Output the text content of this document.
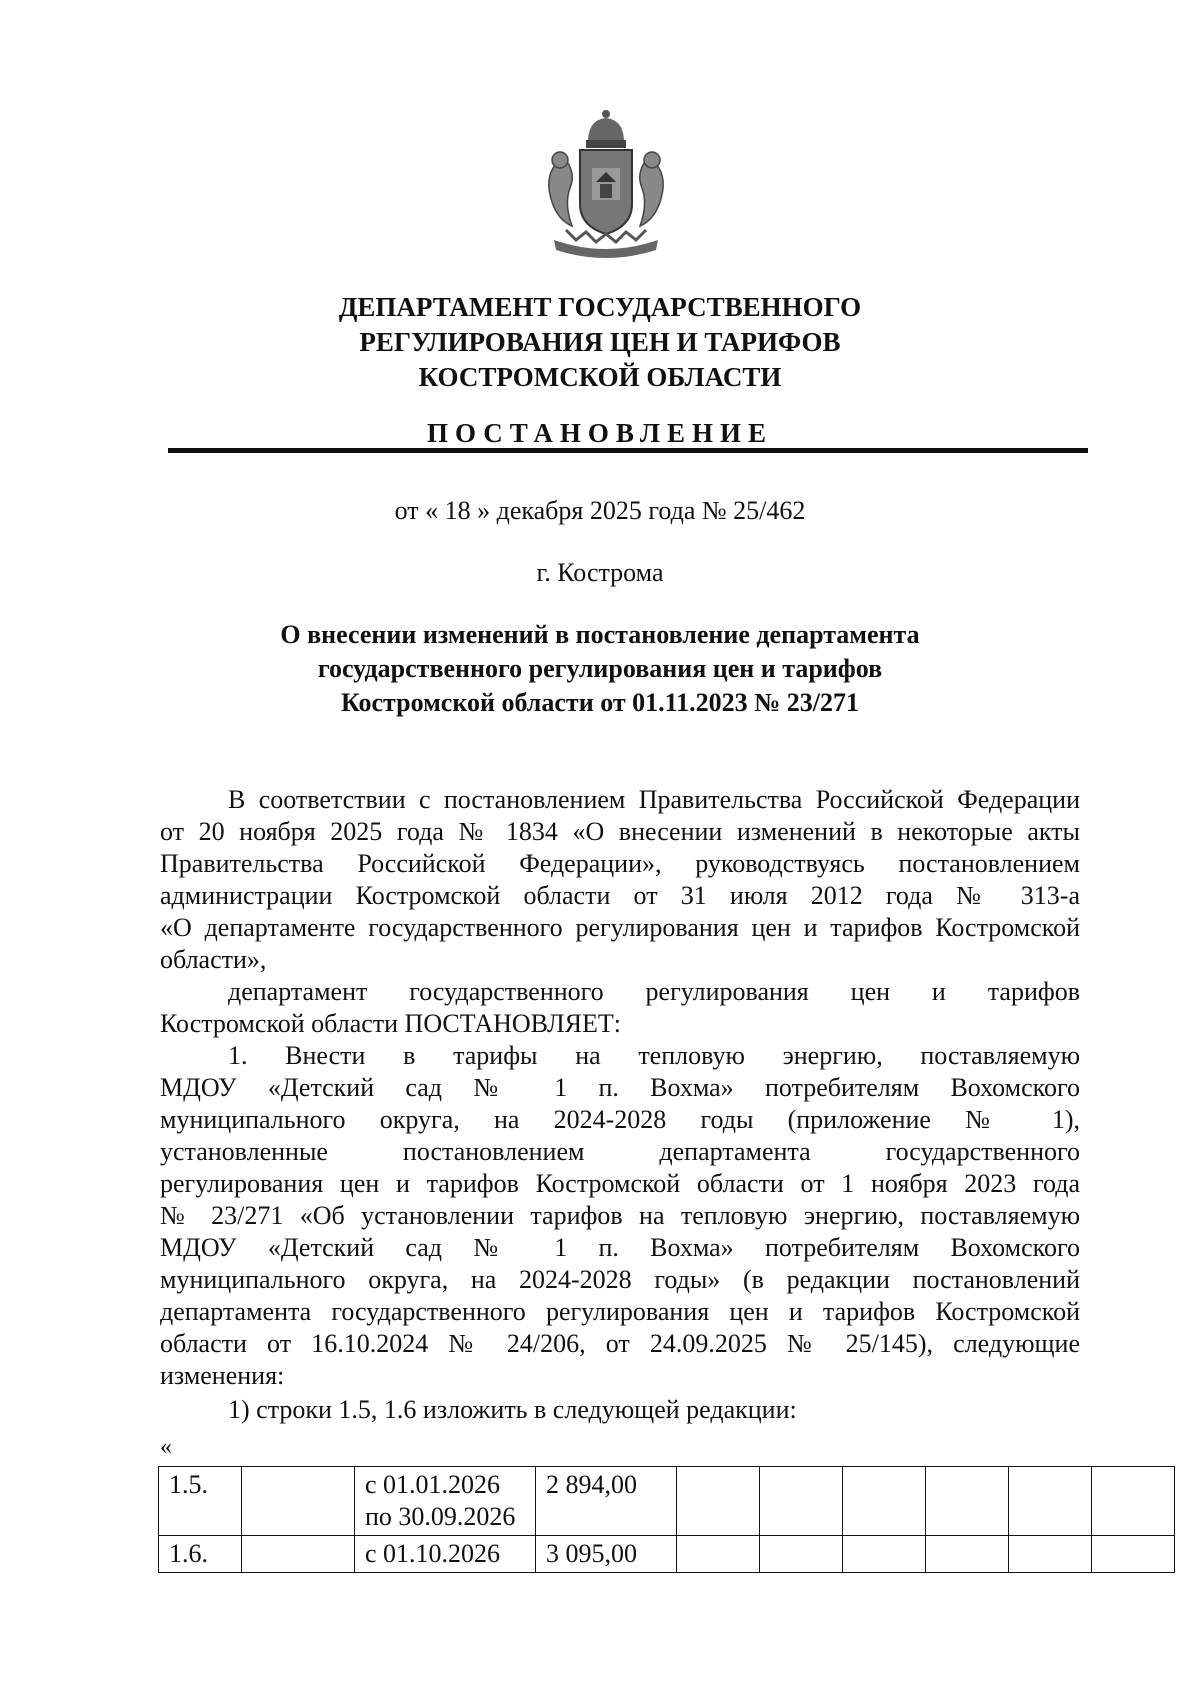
ДЕПАРТАМЕНТ ГОСУДАРСТВЕННОГО
РЕГУЛИРОВАНИЯ ЦЕН И ТАРИФОВ
КОСТРОМСКОЙ ОБЛАСТИ
ПОСТАНОВЛЕНИЕ
от « 18 » декабря 2025 года № 25/462
г. Кострома
О внесении изменений в постановление департамента
государственного регулирования цен и тарифов
Костромской области от 01.11.2023 № 23/271
В соответствии с постановлением Правительства Российской Федерации
от 20 ноября 2025 года № 1834 «О внесении изменений в некоторые акты
Правительства Российской Федерации», руководствуясь постановлением
администрации Костромской области от 31 июля 2012 года № 313-а
«О департаменте государственного регулирования цен и тарифов Костромской
области»,
департамент государственного регулирования цен и тарифов
Костромской области ПОСТАНОВЛЯЕТ:
1. Внести в тарифы на тепловую энергию, поставляемую
МДОУ «Детский сад № 1 п. Вохма» потребителям Вохомского
муниципального округа, на 2024-2028 годы (приложение № 1),
установленные постановлением департамента государственного
регулирования цен и тарифов Костромской области от 1 ноября 2023 года
№ 23/271 «Об установлении тарифов на тепловую энергию, поставляемую
МДОУ «Детский сад № 1 п. Вохма» потребителям Вохомского
муниципального округа, на 2024-2028 годы» (в редакции постановлений
департамента государственного регулирования цен и тарифов Костромской
области от 16.10.2024 № 24/206, от 24.09.2025 № 25/145), следующие
изменения:
1) строки 1.5, 1.6 изложить в следующей редакции:
«
1.5.		с 01.01.2026
по 30.09.2026	2 894,00						
1.6.		с 01.10.2026	3 095,00						
